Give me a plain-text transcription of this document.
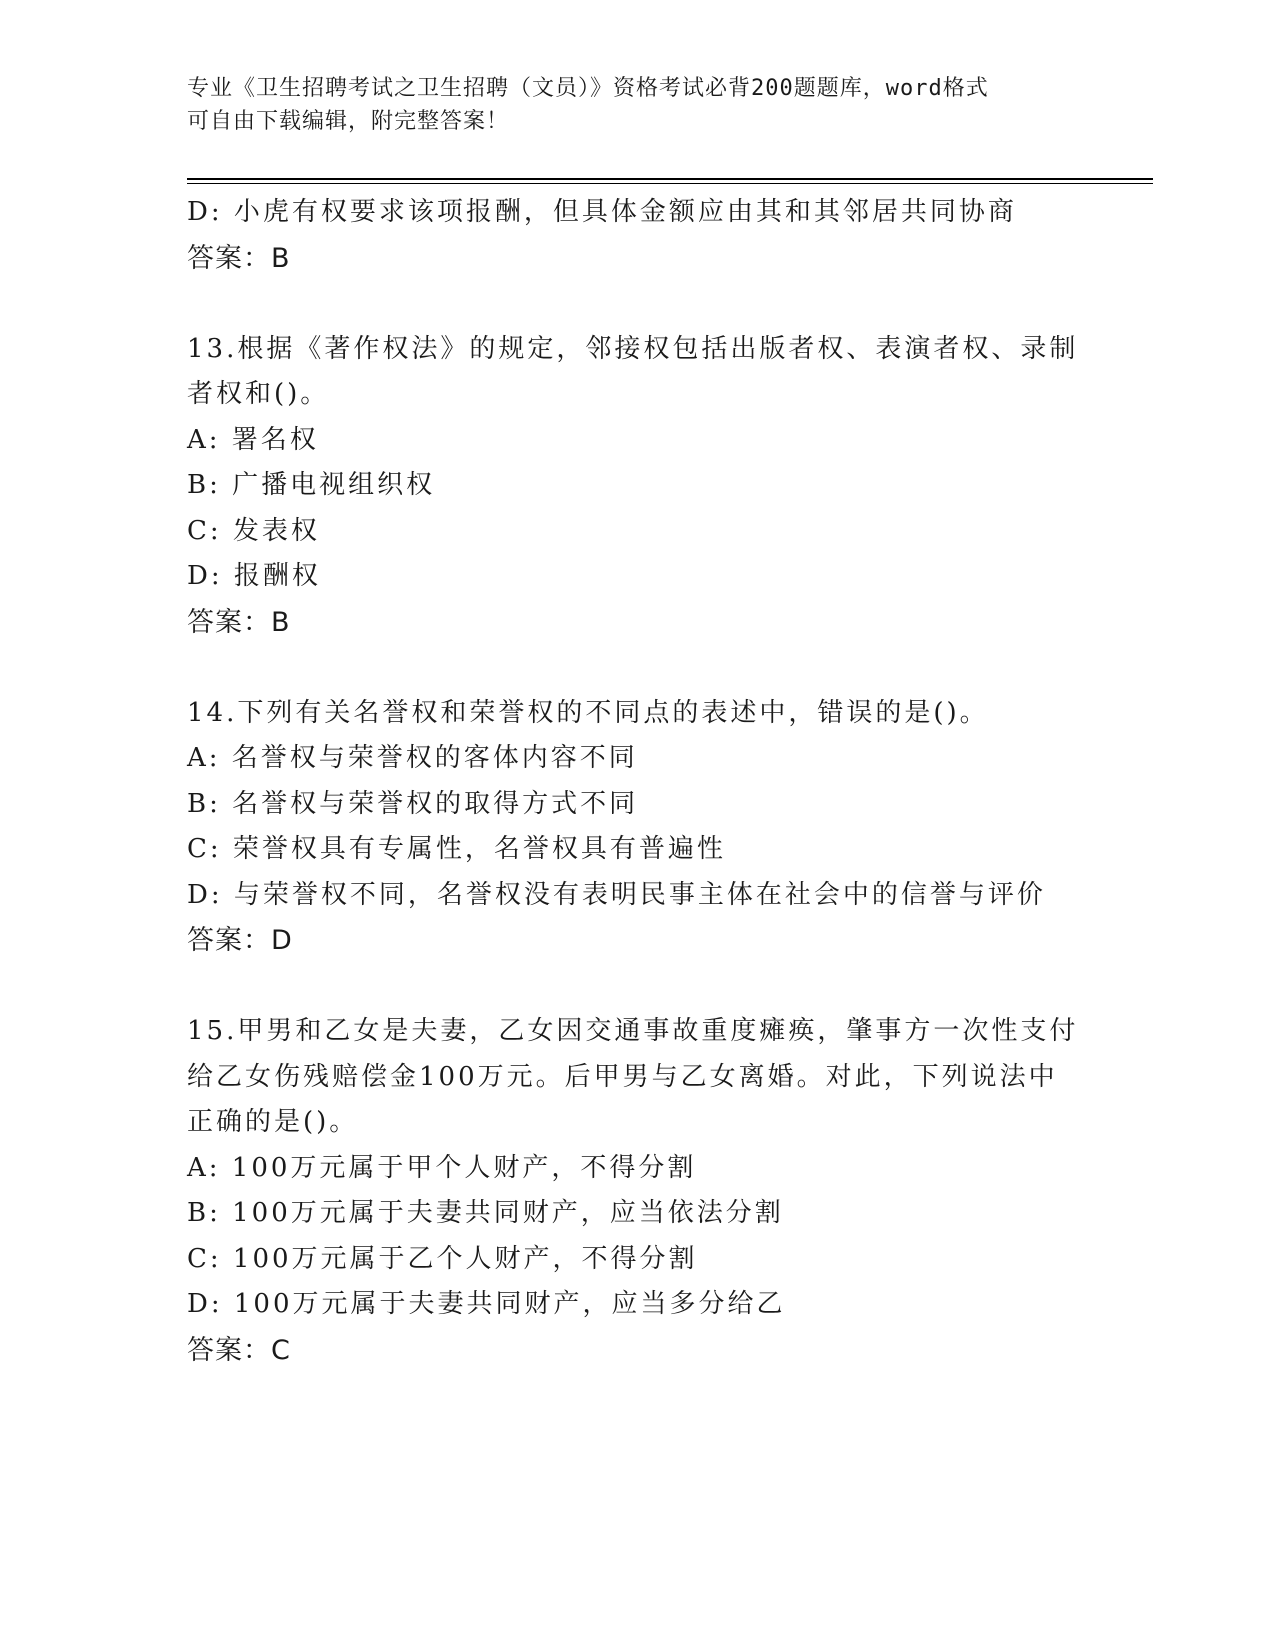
专业《卫生招聘考试之卫生招聘（文员）》资格考试必背200题题库，word格式
可自由下载编辑，附完整答案！
D: 小虎有权要求该项报酬，但具体金额应由其和其邻居共同协商
答案：B
13.根据《著作权法》的规定，邻接权包括出版者权、表演者权、录制
者权和()。
A: 署名权
B: 广播电视组织权
C: 发表权
D: 报酬权
答案：B
14.下列有关名誉权和荣誉权的不同点的表述中，错误的是()。
A: 名誉权与荣誉权的客体内容不同
B: 名誉权与荣誉权的取得方式不同
C: 荣誉权具有专属性，名誉权具有普遍性
D: 与荣誉权不同，名誉权没有表明民事主体在社会中的信誉与评价
答案：D
15.甲男和乙女是夫妻，乙女因交通事故重度瘫痪，肇事方一次性支付
给乙女伤残赔偿金100万元。后甲男与乙女离婚。对此，下列说法中
正确的是()。
A: 100万元属于甲个人财产，不得分割
B: 100万元属于夫妻共同财产，应当依法分割
C: 100万元属于乙个人财产，不得分割
D: 100万元属于夫妻共同财产，应当多分给乙
答案：C
